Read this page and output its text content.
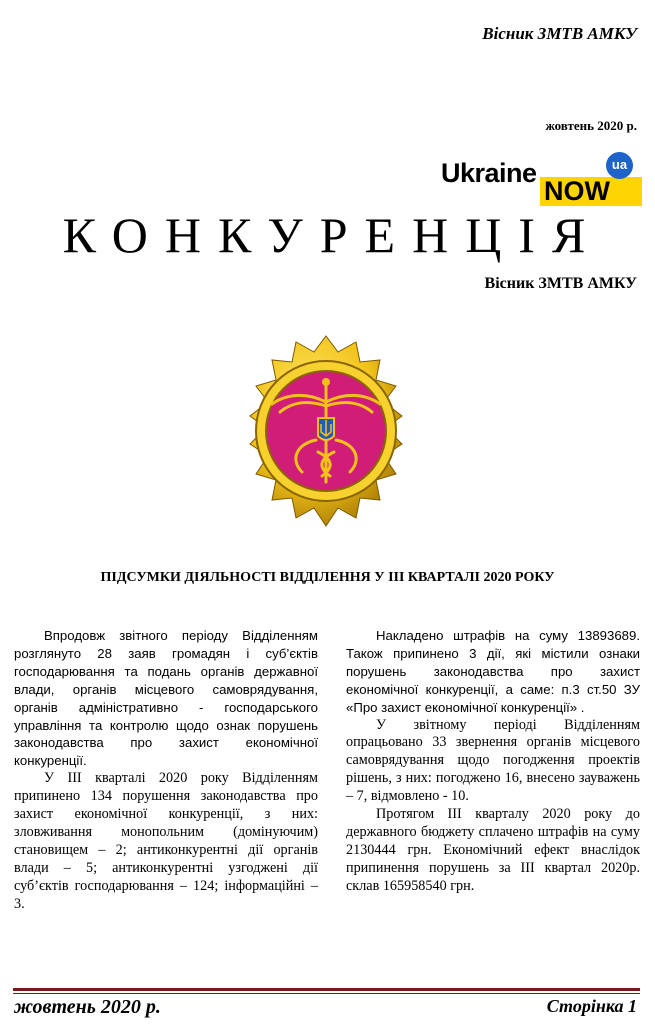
Вісник ЗМТВ АМКУ
жовтень 2020 р.
Ukraine
NOW
ua
КОНКУРЕНЦІЯ
Вісник ЗМТВ АМКУ
ПІДСУМКИ ДІЯЛЬНОСТІ ВІДДІЛЕННЯ У ІІІ КВАРТАЛІ 2020 РОКУ

Впродовж звітного періоду Відділенням розглянуто 28 заяв громадян і суб’єктів господарювання та подань органів державної влади, органів місцевого самоврядування, органів адміністративно - господарського управління та контролю щодо ознак порушень законодавства про захист економічної конкуренції.

У ІІІ кварталі 2020 року Відділенням припинено 134 порушення законодавства про захист економічної конкуренції, з них: зловживання монопольним (домінуючим) становищем – 2; антиконкурентні дії органів влади – 5; антиконкурентні узгоджені дії суб’єктів господарювання – 124; інформаційні – 3.

Накладено штрафів на суму 13893689. Також припинено 3 дії, які містили ознаки порушень законодавства про захист економічної конкуренції, а саме: п.3 ст.50 ЗУ «Про захист економічної конкуренції» .

У звітному періоді Відділенням опрацьовано 33 звернення органів місцевого самоврядування щодо погодження проектів рішень, з них: погоджено 16, внесено зауважень – 7, відмовлено - 10.

Протягом ІІІ кварталу 2020 року до державного бюджету сплачено штрафів на суму 2130444 грн. Економічний ефект внаслідок припинення порушень за ІІІ квартал 2020р. склав 165958540 грн.

жовтень 2020 р.	Сторінка 1
